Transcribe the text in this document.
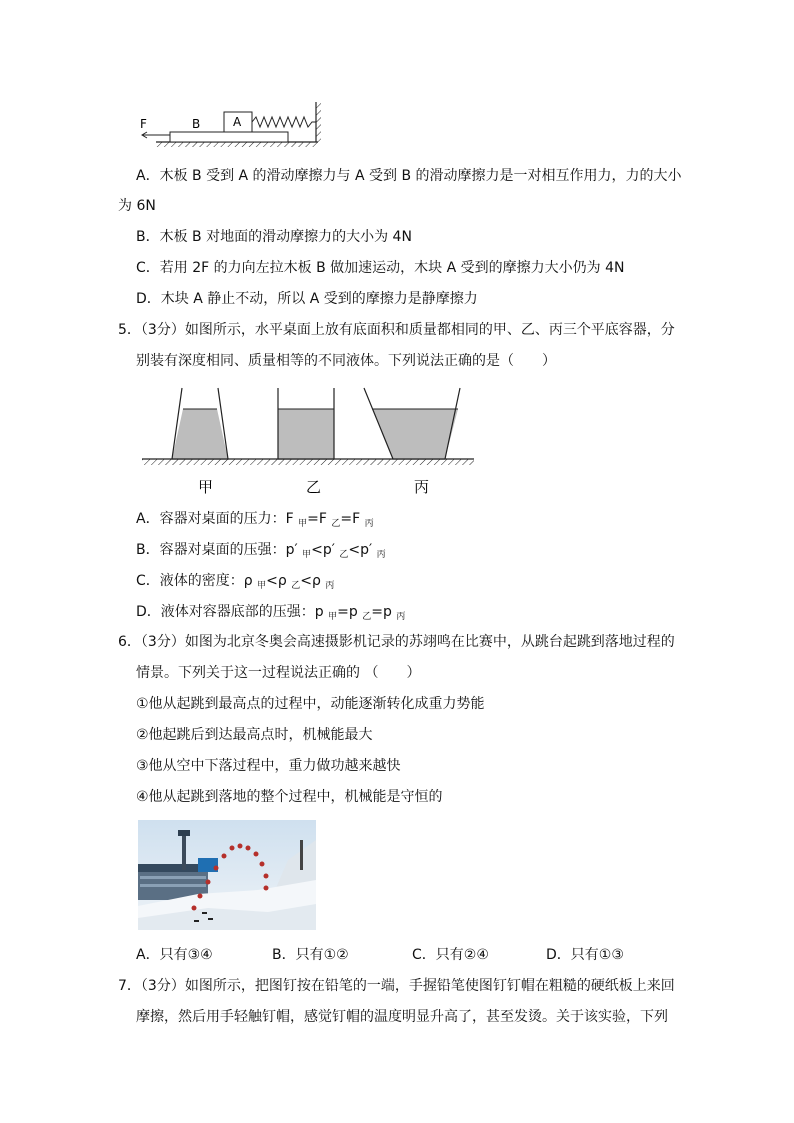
F	B	A
A．木板 B 受到 A 的滑动摩擦力与 A 受到 B 的滑动摩擦力是一对相互作用力，力的大小
为 6N
B．木板 B 对地面的滑动摩擦力的大小为 4N
C．若用 2F 的力向左拉木板 B 做加速运动，木块 A 受到的摩擦力大小仍为 4N
D．木块 A 静止不动，所以 A 受到的摩擦力是静摩擦力
5．（3分）如图所示，水平桌面上放有底面积和质量都相同的甲、乙、丙三个平底容器，分
别装有深度相同、质量相等的不同液体。下列说法正确的是（　　）
甲	乙	丙
A．容器对桌面的压力：F $_甲$=F $_乙$=F $_丙$
B．容器对桌面的压强：p′ $_甲$<p′ $_乙$<p′ $_丙$
C．液体的密度：ρ $_甲$<ρ $_乙$<ρ $_丙$
D．液体对容器底部的压强：p $_甲$=p $_乙$=p $_丙$
6．（3分）如图为北京冬奥会高速摄影机记录的苏翊鸣在比赛中，从跳台起跳到落地过程的
情景。下列关于这一过程说法正确的 （　　）
①他从起跳到最高点的过程中，动能逐渐转化成重力势能
②他起跳后到达最高点时，机械能最大
③他从空中下落过程中，重力做功越来越快
④他从起跳到落地的整个过程中，机械能是守恒的
A．只有③④	B．只有①②	C．只有②④	D．只有①③
7．（3分）如图所示，把图钉按在铅笔的一端，手握铅笔使图钉钉帽在粗糙的硬纸板上来回
摩擦，然后用手轻触钉帽，感觉钉帽的温度明显升高了，甚至发烫。关于该实验，下列
